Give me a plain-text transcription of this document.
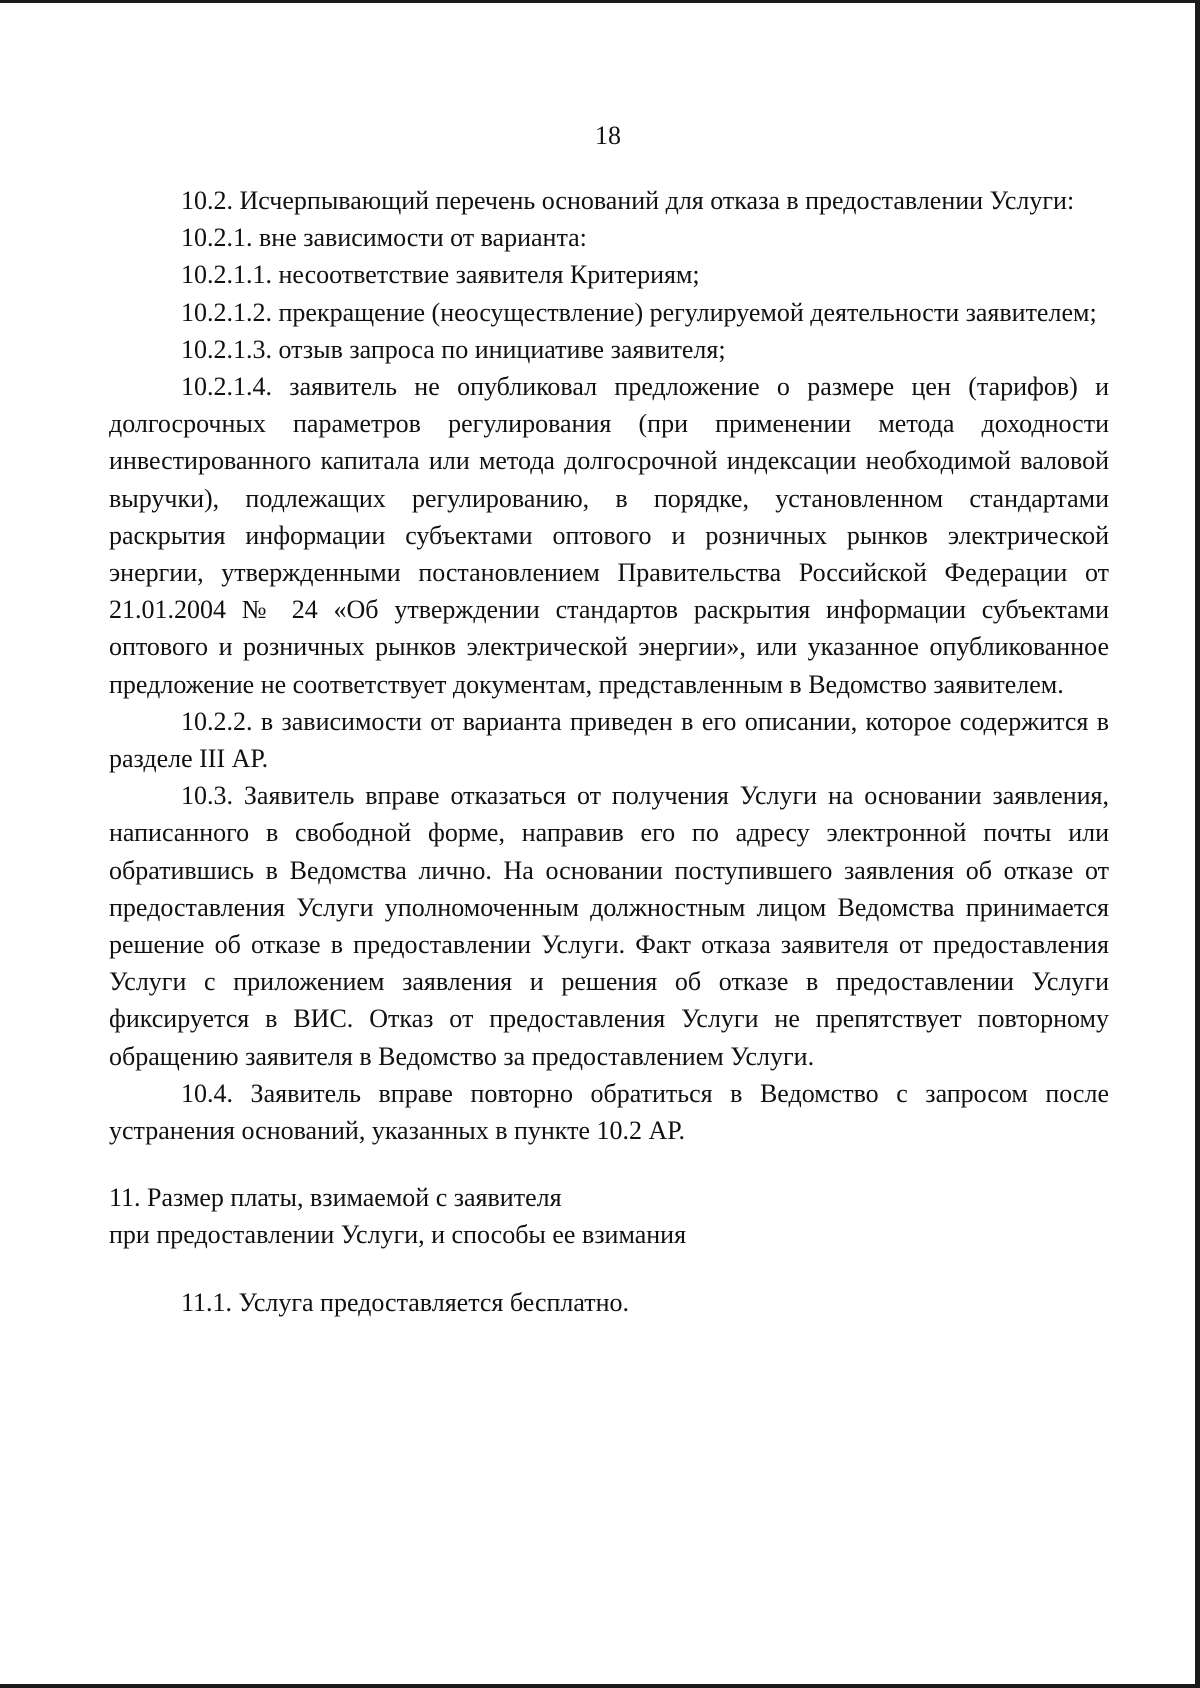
18

10.2. Исчерпывающий перечень оснований для отказа в предоставлении Услуги:

10.2.1. вне зависимости от варианта:

10.2.1.1. несоответствие заявителя Критериям;

10.2.1.2. прекращение (неосуществление) регулируемой деятельности заявителем;

10.2.1.3. отзыв запроса по инициативе заявителя;

10.2.1.4. заявитель не опубликовал предложение о размере цен (тарифов) и долгосрочных параметров регулирования (при применении метода доходности инвестированного капитала или метода долгосрочной индексации необходимой валовой выручки), подлежащих регулированию, в порядке, установленном стандартами раскрытия информации субъектами оптового и розничных рынков электрической энергии, утвержденными постановлением Правительства Российской Федерации от 21.01.2004 № 24 «Об утверждении стандартов раскрытия информации субъектами оптового и розничных рынков электрической энергии», или указанное опубликованное предложение не соответствует документам, представленным в Ведомство заявителем.

10.2.2. в зависимости от варианта приведен в его описании, которое содержится в разделе III АР.

10.3. Заявитель вправе отказаться от получения Услуги на основании заявления, написанного в свободной форме, направив его по адресу электронной почты или обратившись в Ведомства лично. На основании поступившего заявления об отказе от предоставления Услуги уполномоченным должностным лицом Ведомства принимается решение об отказе в предоставлении Услуги. Факт отказа заявителя от предоставления Услуги с приложением заявления и решения об отказе в предоставлении Услуги фиксируется в ВИС. Отказ от предоставления Услуги не препятствует повторному обращению заявителя в Ведомство за предоставлением Услуги.

10.4. Заявитель вправе повторно обратиться в Ведомство с запросом после устранения оснований, указанных в пункте 10.2 АР.

11. Размер платы, взимаемой с заявителя
при предоставлении Услуги, и способы ее взимания

11.1. Услуга предоставляется бесплатно.
